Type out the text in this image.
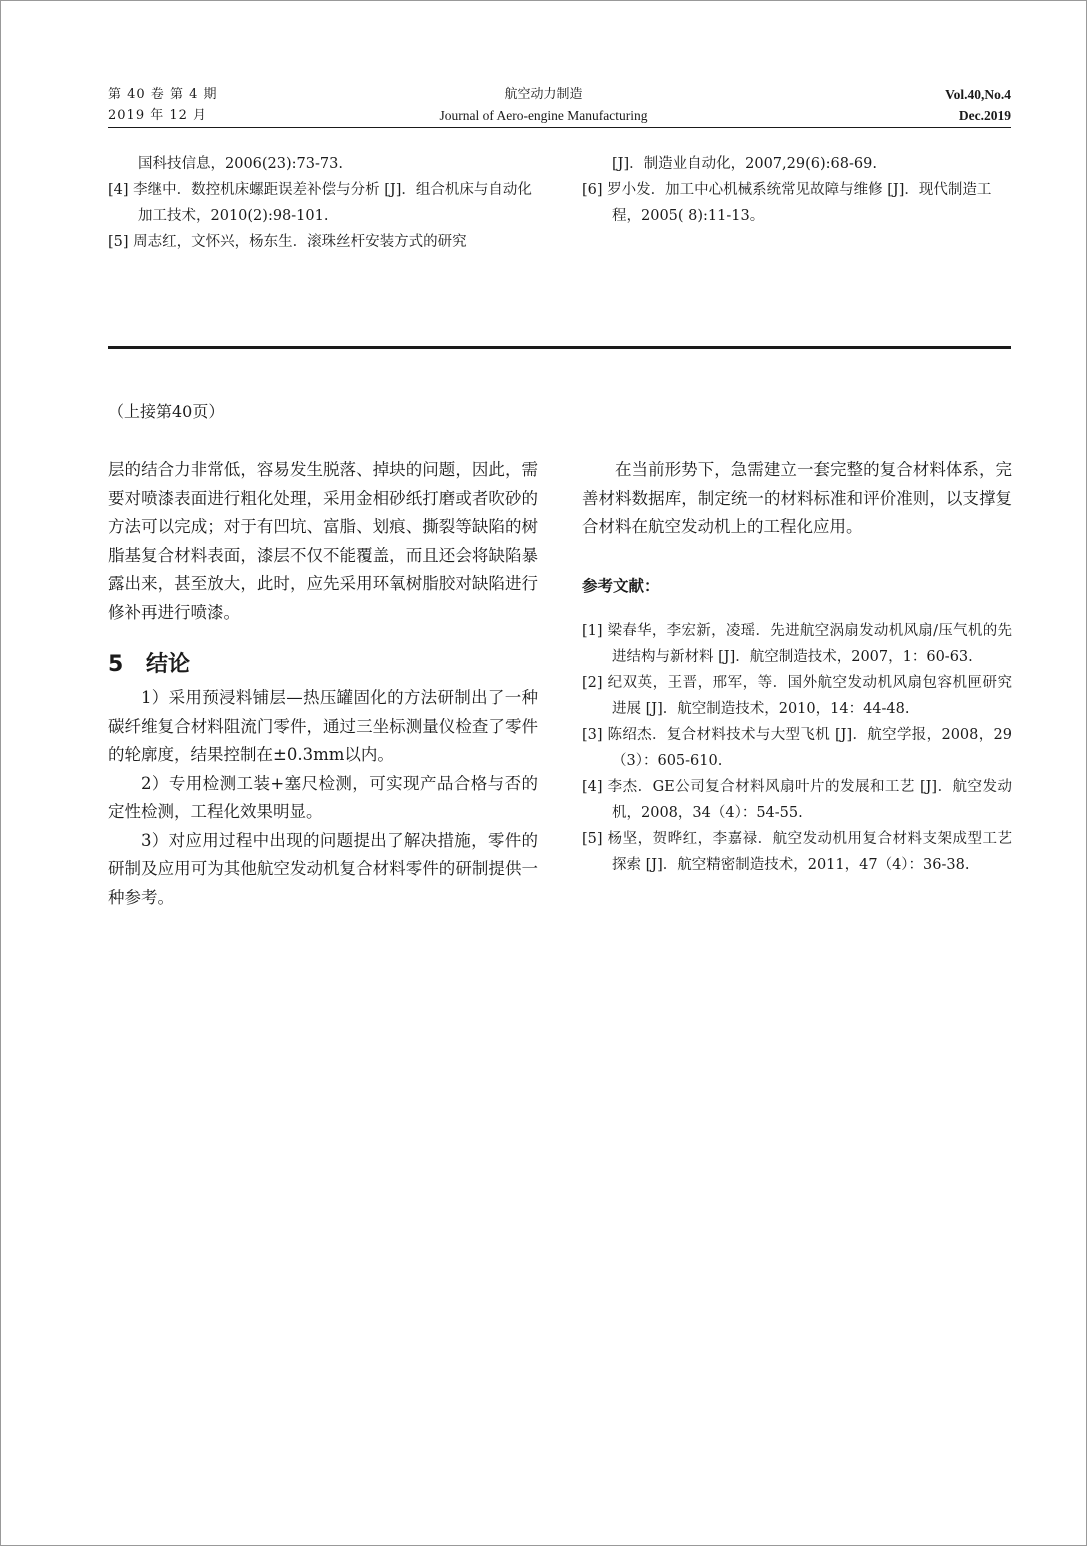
第 40 卷 第 4 期
2019 年 12 月
航空动力制造
Journal of Aero-engine Manufacturing
Vol.40,No.4
Dec.2019
国科技信息，2006(23):73-73.
[4] 李继中．数控机床螺距误差补偿与分析 [J]．组合机床与自动化加工技术，2010(2):98-101.
[5] 周志红，文怀兴，杨东生．滚珠丝杆安装方式的研究
[J]．制造业自动化，2007,29(6):68-69.
[6] 罗小发．加工中心机械系统常见故障与维修 [J]．现代制造工程，2005( 8):11-13。
（上接第40页）

层的结合力非常低，容易发生脱落、掉块的问题，因此，需要对喷漆表面进行粗化处理，采用金相砂纸打磨或者吹砂的方法可以完成；对于有凹坑、富脂、划痕、撕裂等缺陷的树脂基复合材料表面，漆层不仅不能覆盖，而且还会将缺陷暴露出来，甚至放大，此时，应先采用环氧树脂胶对缺陷进行修补再进行喷漆。

5 结论

1）采用预浸料铺层—热压罐固化的方法研制出了一种碳纤维复合材料阻流门零件，通过三坐标测量仪检查了零件的轮廓度，结果控制在±0.3mm以内。

2）专用检测工装+塞尺检测，可实现产品合格与否的定性检测，工程化效果明显。

3）对应用过程中出现的问题提出了解决措施，零件的研制及应用可为其他航空发动机复合材料零件的研制提供一种参考。

在当前形势下，急需建立一套完整的复合材料体系，完善材料数据库，制定统一的材料标准和评价准则，以支撑复合材料在航空发动机上的工程化应用。

参考文献：

[1] 梁春华，李宏新，凌瑶．先进航空涡扇发动机风扇/压气机的先进结构与新材料 [J]．航空制造技术，2007，1：60-63.
[2] 纪双英，王晋，邢军，等．国外航空发动机风扇包容机匣研究进展 [J]．航空制造技术，2010，14：44-48.
[3] 陈绍杰．复合材料技术与大型飞机 [J]．航空学报，2008，29（3）：605-610.
[4] 李杰．GE公司复合材料风扇叶片的发展和工艺 [J]．航空发动机，2008，34（4）：54-55.
[5] 杨坚，贺晔红，李嘉禄．航空发动机用复合材料支架成型工艺探索 [J]．航空精密制造技术，2011，47（4）：36-38.
